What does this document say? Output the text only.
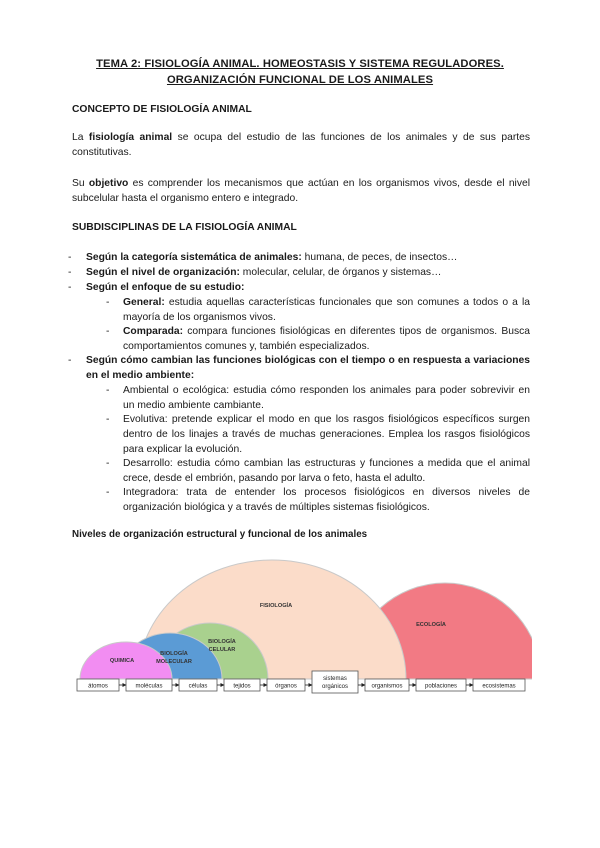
TEMA 2: FISIOLOGÍA ANIMAL. HOMEOSTASIS Y SISTEMA REGULADORES.
ORGANIZACIÓN FUNCIONAL DE LOS ANIMALES
CONCEPTO DE FISIOLOGÍA ANIMAL
La fisiología animal se ocupa del estudio de las funciones de los animales y de sus partes constitutivas.
Su objetivo es comprender los mecanismos que actúan en los organismos vivos, desde el nivel subcelular hasta el organismo entero e integrado.
SUBDISCIPLINAS DE LA FISIOLOGÍA ANIMAL
- Según la categoría sistemática de animales: humana, de peces, de insectos…
- Según el nivel de organización: molecular, celular, de órganos y sistemas…
- Según el enfoque de su estudio:
- General: estudia aquellas características funcionales que son comunes a todos o a la mayoría de los organismos vivos.
- Comparada: compara funciones fisiológicas en diferentes tipos de organismos. Busca comportamientos comunes y, también especializados.
- Según cómo cambian las funciones biológicas con el tiempo o en respuesta a variaciones en el medio ambiente:
- Ambiental o ecológica: estudia cómo responden los animales para poder sobrevivir en un medio ambiente cambiante.
- Evolutiva: pretende explicar el modo en que los rasgos fisiológicos específicos surgen dentro de los linajes a través de muchas generaciones. Emplea los rasgos fisiológicos para explicar la evolución.
- Desarrollo: estudia cómo cambian las estructuras y funciones a medida que el animal crece, desde el embrión, pasando por larva o feto, hasta el adulto.
- Integradora: trata de entender los procesos fisiológicos en diversos niveles de organización biológica y a través de múltiples sistemas fisiológicos.
Niveles de organización estructural y funcional de los animales
FISIOLOGÍA
ECOLOGÍA
BIOLOGÍA
CELULAR
BIOLOGÍA
MOLECULAR
QUIMICA
átomos	moléculas	células	tejidos	órganos
sistemas
orgánicos	organismos	poblaciones	ecosistemas
